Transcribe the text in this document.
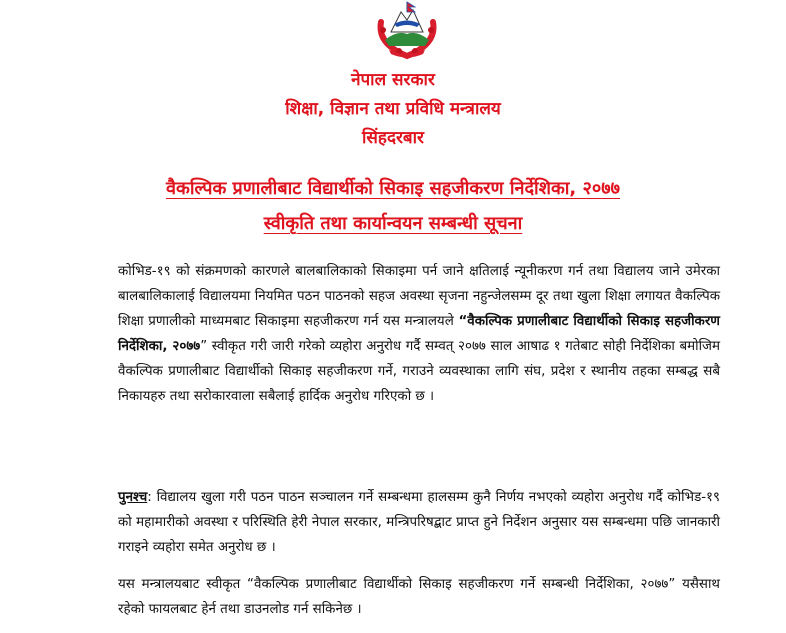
नेपाल सरकार
शिक्षा, विज्ञान तथा प्रविधि मन्त्रालय
सिंहदरबार
वैकल्पिक प्रणालीबाट विद्यार्थीको सिकाइ सहजीकरण निर्देशिका, २०७७
स्वीकृति तथा कार्यान्वयन सम्बन्धी सूचना
कोभिड-१९ को संक्रमणको कारणले बालबालिकाको सिकाइमा पर्न जाने क्षतिलाई न्यूनीकरण गर्न तथा विद्यालय जाने उमेरका बालबालिकालाई विद्यालयमा नियमित पठन पाठनको सहज अवस्था सृजना नहुन्जेलसम्म दूर तथा खुला शिक्षा लगायत वैकल्पिक शिक्षा प्रणालीको माध्यमबाट सिकाइमा सहजीकरण गर्न यस मन्त्रालयले “वैकल्पिक प्रणालीबाट विद्यार्थीको सिकाइ सहजीकरण निर्देशिका, २०७७” स्वीकृत गरी जारी गरेको व्यहोरा अनुरोध गर्दै सम्वत् २०७७ साल आषाढ १ गतेबाट सोही निर्देशिका बमोजिम वैकल्पिक प्रणालीबाट विद्यार्थीको सिकाइ सहजीकरण गर्ने, गराउने व्यवस्थाका लागि संघ, प्रदेश र स्थानीय तहका सम्बद्ध सबै निकायहरु तथा सरोकारवाला सबैलाई हार्दिक अनुरोध गरिएको छ ।
पुनश्च: विद्यालय खुला गरी पठन पाठन सञ्चालन गर्ने सम्बन्धमा हालसम्म कुनै निर्णय नभएको व्यहोरा अनुरोध गर्दै कोभिड-१९ को महामारीको अवस्था र परिस्थिति हेरी नेपाल सरकार, मन्त्रिपरिषद्बाट प्राप्त हुने निर्देशन अनुसार यस सम्बन्धमा पछि जानकारी गराइने व्यहोरा समेत अनुरोध छ ।
यस मन्त्रालयबाट स्वीकृत “वैकल्पिक प्रणालीबाट विद्यार्थीको सिकाइ सहजीकरण गर्ने सम्बन्धी निर्देशिका, २०७७” यसैसाथ रहेको फायलबाट हेर्न तथा डाउनलोड गर्न सकिनेछ ।
